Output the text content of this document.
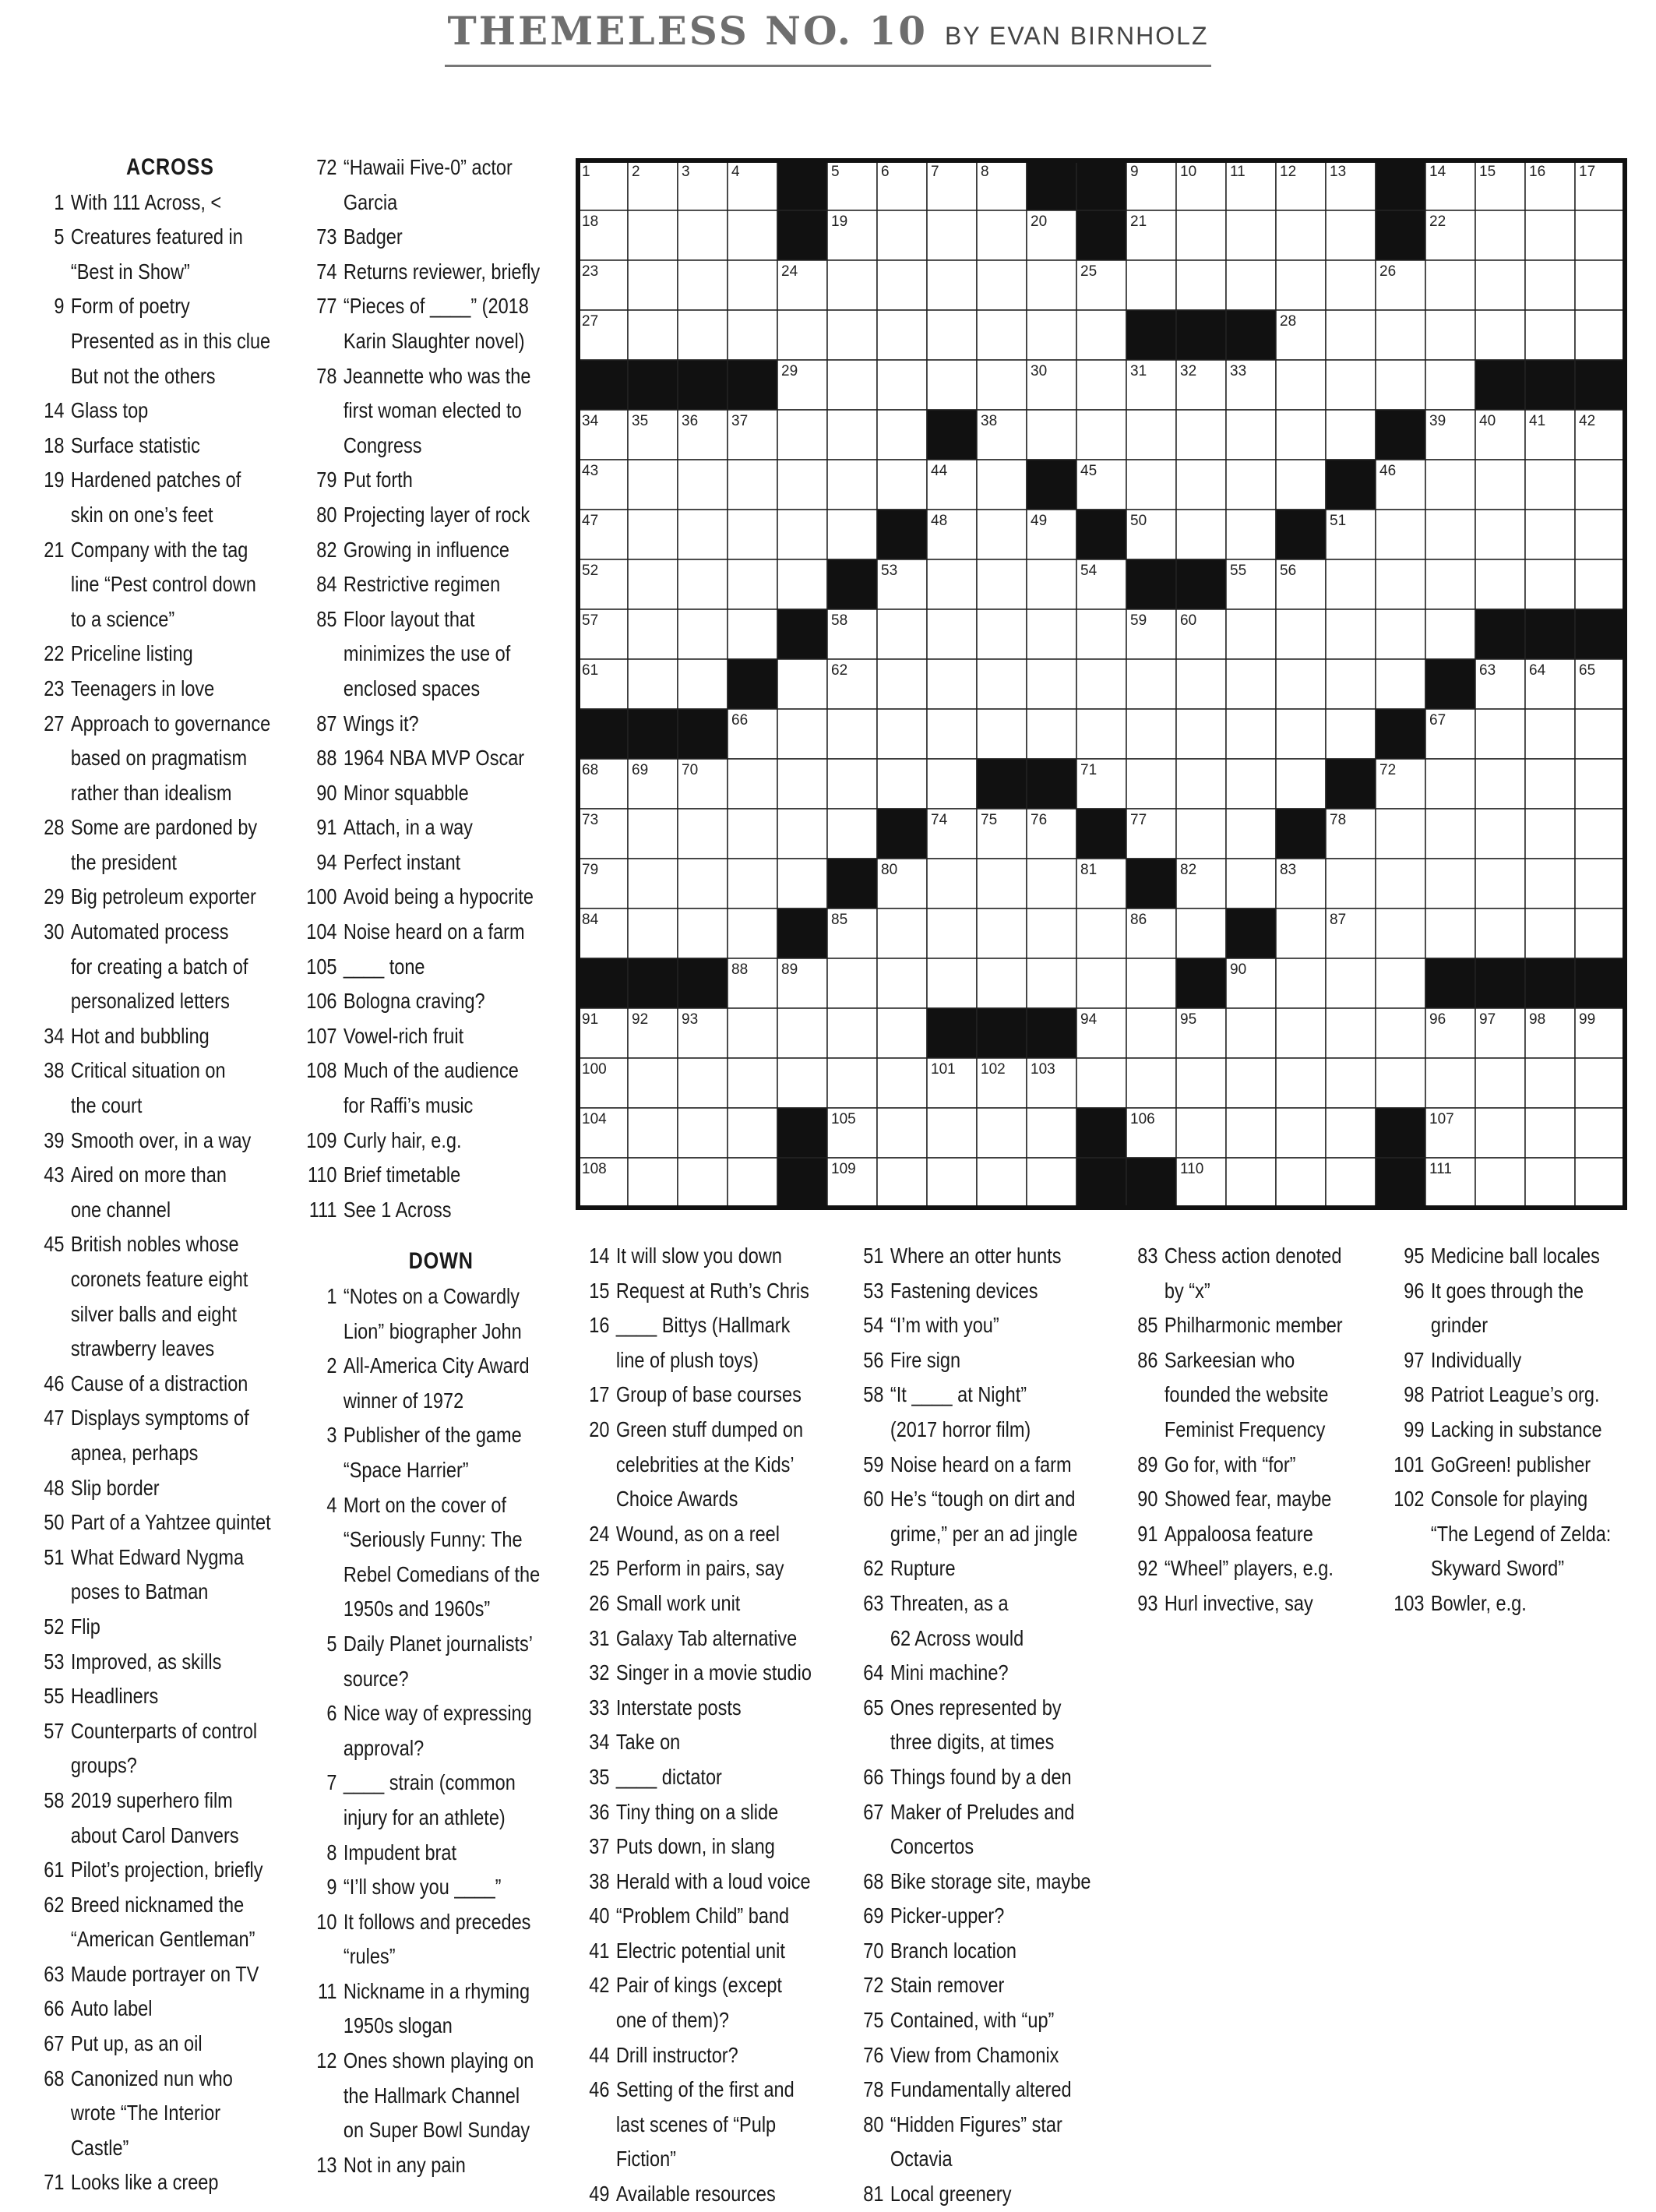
THEMELESS NO. 10 BY EVAN BIRNHOLZ
ACROSS
1 With 111 Across, <
5 Creatures featured in
“Best in Show”
9 Form of poetry
Presented as in this clue
But not the others
14 Glass top
18 Surface statistic
19 Hardened patches of
skin on one’s feet
21 Company with the tag
line “Pest control down
to a science”
22 Priceline listing
23 Teenagers in love
27 Approach to governance
based on pragmatism
rather than idealism
28 Some are pardoned by
the president
29 Big petroleum exporter
30 Automated process
for creating a batch of
personalized letters
34 Hot and bubbling
38 Critical situation on
the court
39 Smooth over, in a way
43 Aired on more than
one channel
45 British nobles whose
coronets feature eight
silver balls and eight
strawberry leaves
46 Cause of a distraction
47 Displays symptoms of
apnea, perhaps
48 Slip border
50 Part of a Yahtzee quintet
51 What Edward Nygma
poses to Batman
52 Flip
53 Improved, as skills
55 Headliners
57 Counterparts of control
groups?
58 2019 superhero film
about Carol Danvers
61 Pilot’s projection, briefly
62 Breed nicknamed the
“American Gentleman”
63 Maude portrayer on TV
66 Auto label
67 Put up, as an oil
68 Canonized nun who
wrote “The Interior
Castle”
71 Looks like a creep
72 “Hawaii Five-0” actor
Garcia
73 Badger
74 Returns reviewer, briefly
77 “Pieces of ____” (2018
Karin Slaughter novel)
78 Jeannette who was the
first woman elected to
Congress
79 Put forth
80 Projecting layer of rock
82 Growing in influence
84 Restrictive regimen
85 Floor layout that
minimizes the use of
enclosed spaces
87 Wings it?
88 1964 NBA MVP Oscar
90 Minor squabble
91 Attach, in a way
94 Perfect instant
100 Avoid being a hypocrite
104 Noise heard on a farm
105 ____ tone
106 Bologna craving?
107 Vowel-rich fruit
108 Much of the audience
for Raffi’s music
109 Curly hair, e.g.
110 Brief timetable
111 See 1 Across
DOWN
1 “Notes on a Cowardly
Lion” biographer John
2 All-America City Award
winner of 1972
3 Publisher of the game
“Space Harrier”
4 Mort on the cover of
“Seriously Funny: The
Rebel Comedians of the
1950s and 1960s”
5 Daily Planet journalists’
source?
6 Nice way of expressing
approval?
7 ____ strain (common
injury for an athlete)
8 Impudent brat
9 “I’ll show you ____”
10 It follows and precedes
“rules”
11 Nickname in a rhyming
1950s slogan
12 Ones shown playing on
the Hallmark Channel
on Super Bowl Sunday
13 Not in any pain
14 It will slow you down
15 Request at Ruth’s Chris
16 ____ Bittys (Hallmark
line of plush toys)
17 Group of base courses
20 Green stuff dumped on
celebrities at the Kids’
Choice Awards
24 Wound, as on a reel
25 Perform in pairs, say
26 Small work unit
31 Galaxy Tab alternative
32 Singer in a movie studio
33 Interstate posts
34 Take on
35 ____ dictator
36 Tiny thing on a slide
37 Puts down, in slang
38 Herald with a loud voice
40 “Problem Child” band
41 Electric potential unit
42 Pair of kings (except
one of them)?
44 Drill instructor?
46 Setting of the first and
last scenes of “Pulp
Fiction”
49 Available resources
51 Where an otter hunts
53 Fastening devices
54 “I’m with you”
56 Fire sign
58 “It ____ at Night”
(2017 horror film)
59 Noise heard on a farm
60 He’s “tough on dirt and
grime,” per an ad jingle
62 Rupture
63 Threaten, as a
62 Across would
64 Mini machine?
65 Ones represented by
three digits, at times
66 Things found by a den
67 Maker of Preludes and
Concertos
68 Bike storage site, maybe
69 Picker-upper?
70 Branch location
72 Stain remover
75 Contained, with “up”
76 View from Chamonix
78 Fundamentally altered
80 “Hidden Figures” star
Octavia
81 Local greenery
83 Chess action denoted
by “x”
85 Philharmonic member
86 Sarkeesian who
founded the website
Feminist Frequency
89 Go for, with “for”
90 Showed fear, maybe
91 Appaloosa feature
92 “Wheel” players, e.g.
93 Hurl invective, say
95 Medicine ball locales
96 It goes through the
grinder
97 Individually
98 Patriot League’s org.
99 Lacking in substance
101 GoGreen! publisher
102 Console for playing
“The Legend of Zelda:
Skyward Sword”
103 Bowler, e.g.
1	2	3	4	5	6	7	8	9	10 11 12 13	14 15 16 17
18	19	20	21	22
23	24	25	26
27	28
29	30	31 32 33
34 35 36 37	38	39 40 41 42
43	44	45	46
47	48	49	50	51
52	53	54	55 56
57	58	59 60
61	62	63 64 65
66	67
68 69 70	71	72
73	74 75 76	77	78
79	80	81	82	83
84	85	86	87
88 89	90
91 92 93	94	95	96 97 98 99
100	101 102 103
104	105	106	107
108	109	110	111
